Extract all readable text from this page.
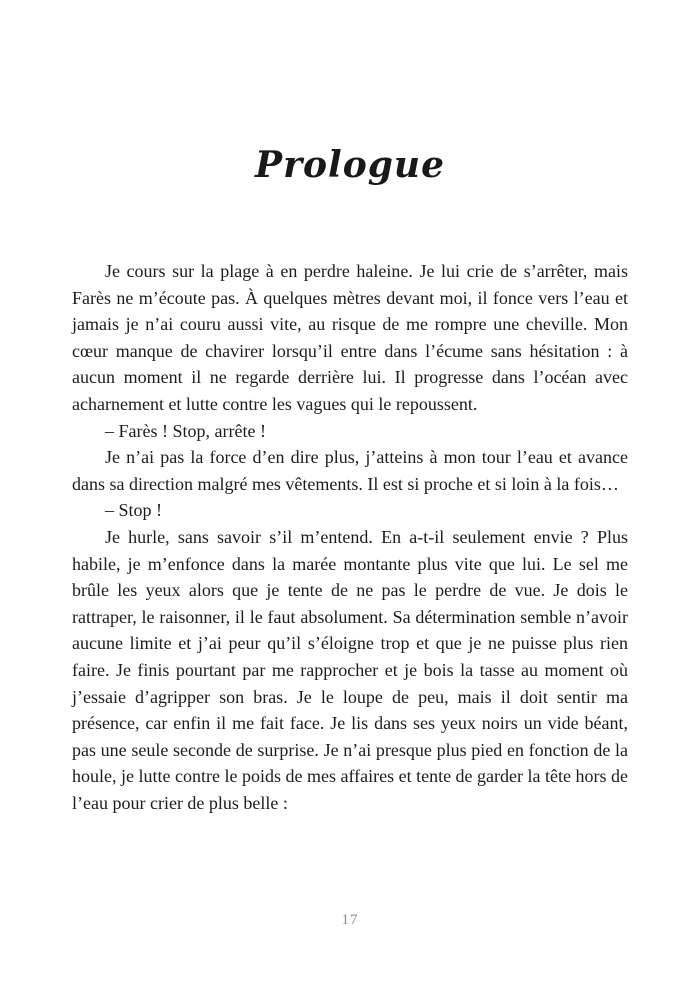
Prologue

Je cours sur la plage à en perdre haleine. Je lui crie de s’arrêter, mais Farès ne m’écoute pas. À quelques mètres devant moi, il fonce vers l’eau et jamais je n’ai couru aussi vite, au risque de me rompre une cheville. Mon cœur manque de chavirer lorsqu’il entre dans l’écume sans hésitation : à aucun moment il ne regarde derrière lui. Il progresse dans l’océan avec acharnement et lutte contre les vagues qui le repoussent.

– Farès ! Stop, arrête !

Je n’ai pas la force d’en dire plus, j’atteins à mon tour l’eau et avance dans sa direction malgré mes vêtements. Il est si proche et si loin à la fois…

– Stop !

Je hurle, sans savoir s’il m’entend. En a-t-il seulement envie ? Plus habile, je m’enfonce dans la marée montante plus vite que lui. Le sel me brûle les yeux alors que je tente de ne pas le perdre de vue. Je dois le rattraper, le raisonner, il le faut absolument. Sa détermination semble n’avoir aucune limite et j’ai peur qu’il s’éloigne trop et que je ne puisse plus rien faire. Je finis pourtant par me rapprocher et je bois la tasse au moment où j’essaie d’agripper son bras. Je le loupe de peu, mais il doit sentir ma présence, car enfin il me fait face. Je lis dans ses yeux noirs un vide béant, pas une seule seconde de surprise. Je n’ai presque plus pied en fonction de la houle, je lutte contre le poids de mes affaires et tente de garder la tête hors de l’eau pour crier de plus belle :

17
